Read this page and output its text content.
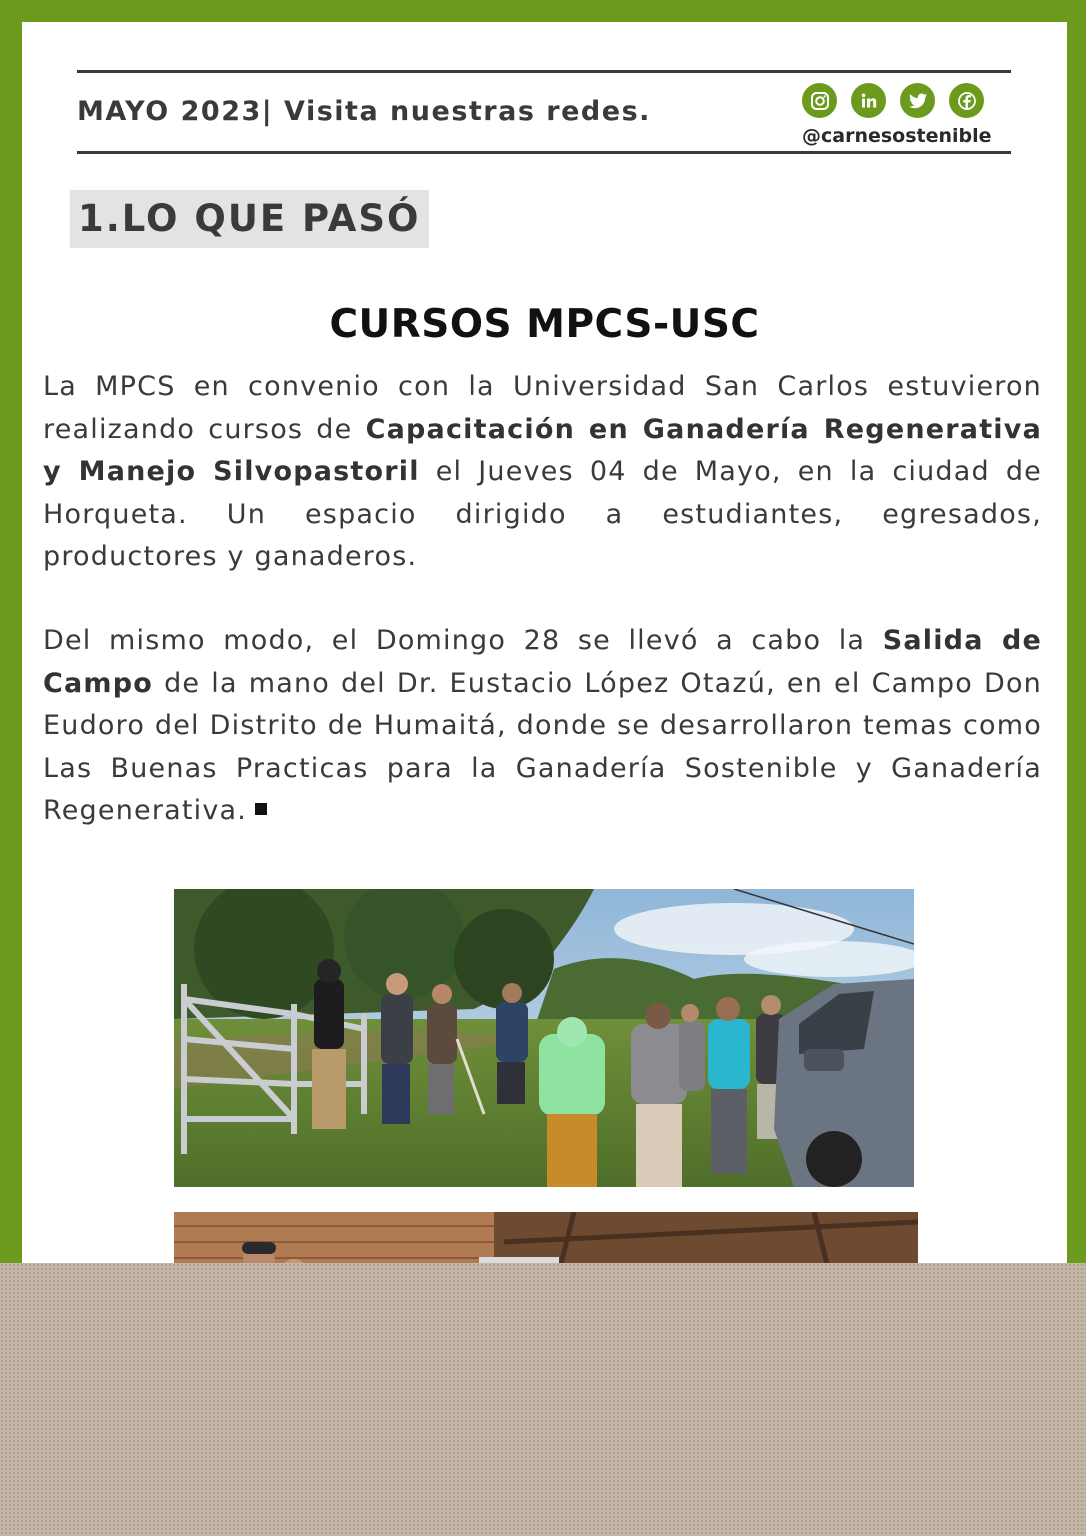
MAYO 2023| Visita nuestras redes.
@carnesostenible
1.LO QUE PASÓ
CURSOS MPCS-USC

La MPCS en convenio con la Universidad San Carlos estuvieron realizando cursos de Capacitación en Ganadería Regenerativa y Manejo Silvopastoril el Jueves 04 de Mayo, en la ciudad de Horqueta. Un espacio dirigido a estudiantes, egresados, productores y ganaderos.

Del mismo modo, el Domingo 28 se llevó a cabo la Salida de Campo de la mano del Dr. Eustacio López Otazú, en el Campo Don Eudoro del Distrito de Humaitá, donde se desarrollaron temas como Las Buenas Practicas para la Ganadería Sostenible y Ganadería Regenerativa.
